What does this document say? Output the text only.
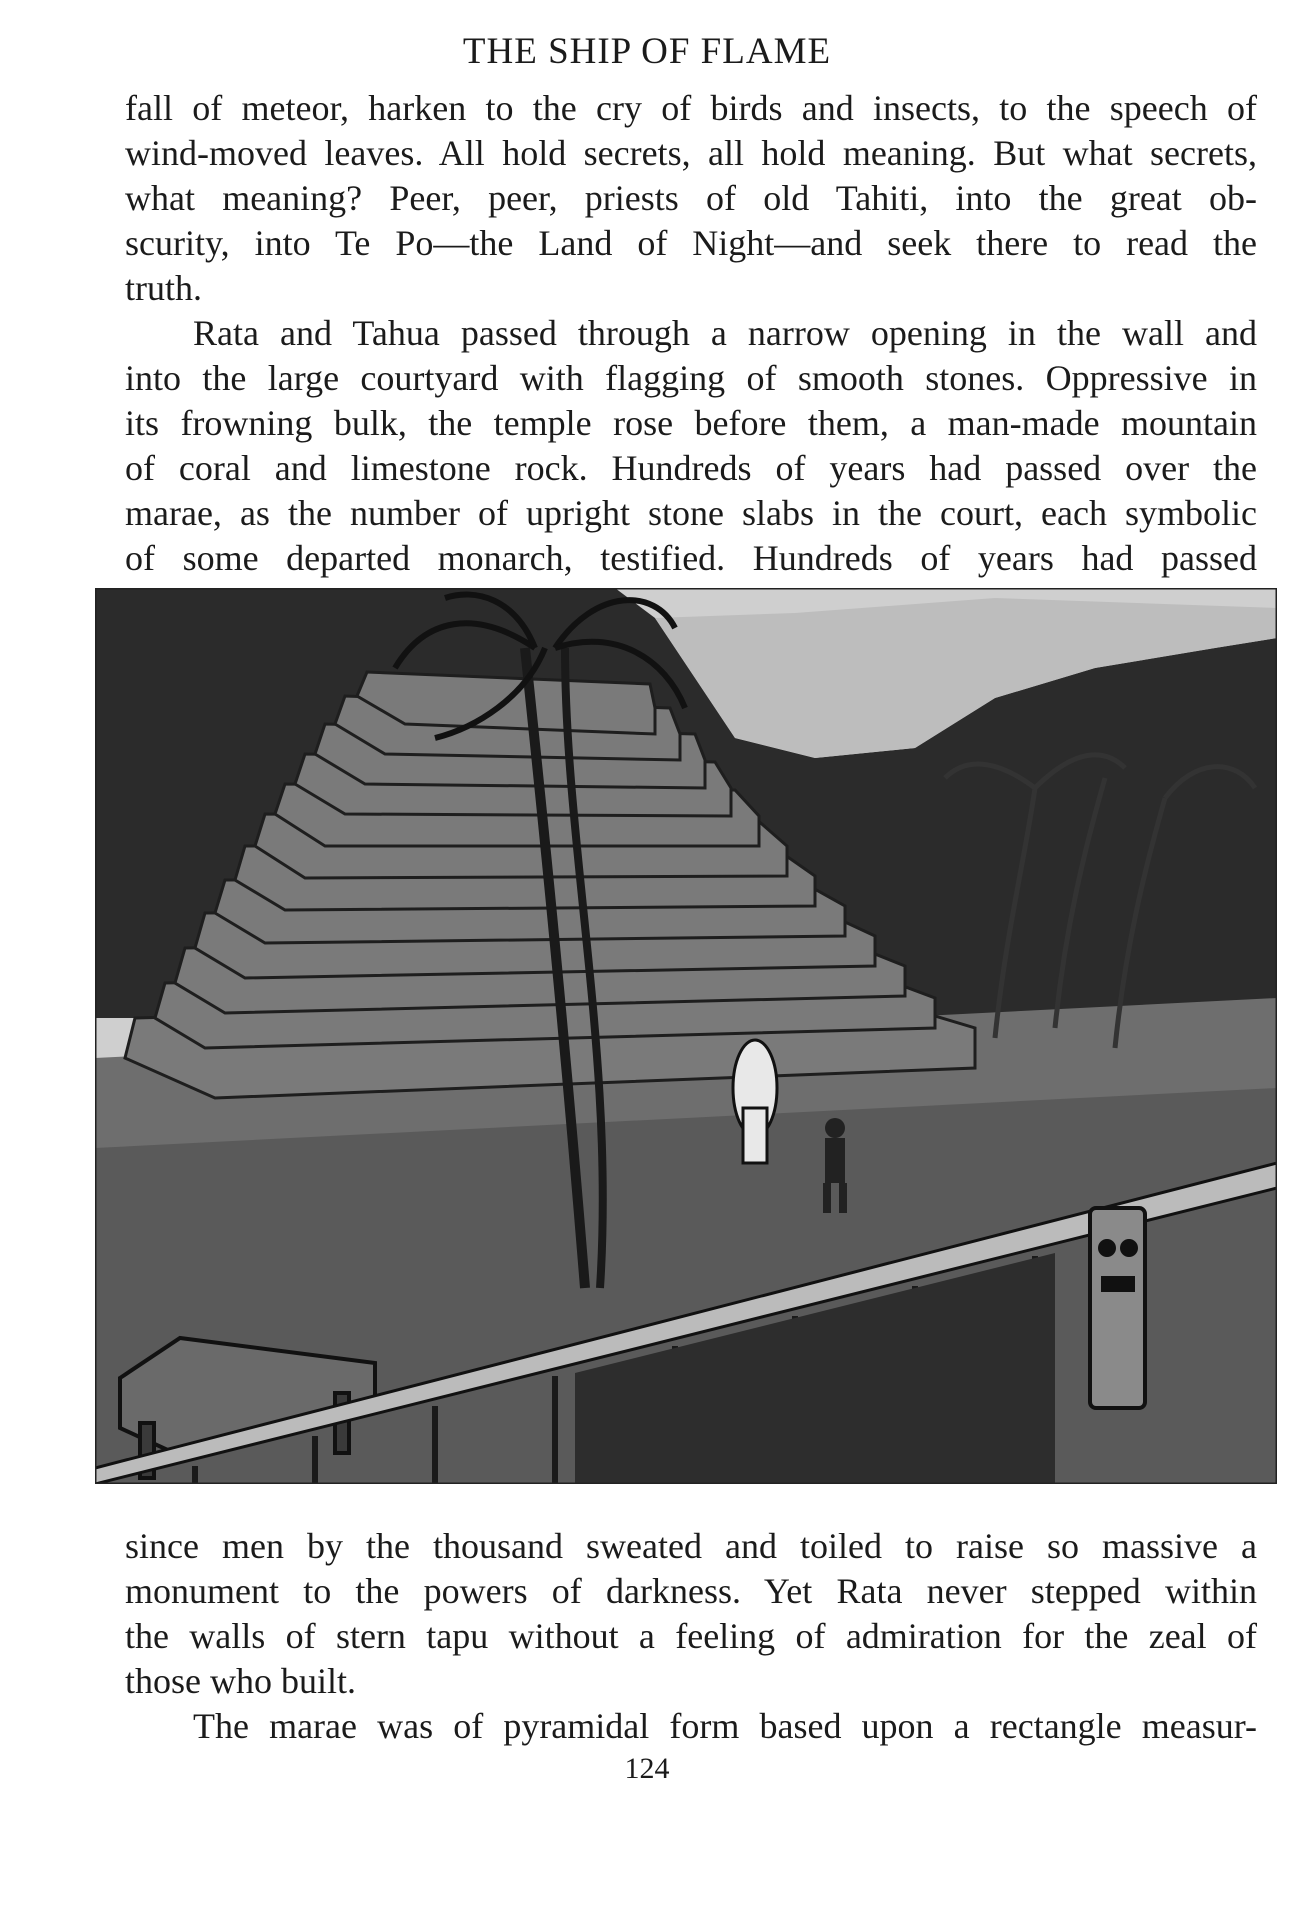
THE SHIP OF FLAME
fall of meteor, harken to the cry of birds and insects, to the speech of
wind-moved leaves. All hold secrets, all hold meaning. But what secrets,
what meaning? Peer, peer, priests of old Tahiti, into the great ob-
scurity, into Te Po—the Land of Night—and seek there to read the
truth.
Rata and Tahua passed through a narrow opening in the wall and
into the large courtyard with flagging of smooth stones. Oppressive in
its frowning bulk, the temple rose before them, a man-made mountain
of coral and limestone rock. Hundreds of years had passed over the
marae, as the number of upright stone slabs in the court, each symbolic
of some departed monarch, testified. Hundreds of years had passed
since men by the thousand sweated and toiled to raise so massive a
monument to the powers of darkness. Yet Rata never stepped within
the walls of stern tapu without a feeling of admiration for the zeal of
those who built.
The marae was of pyramidal form based upon a rectangle measur-
124
